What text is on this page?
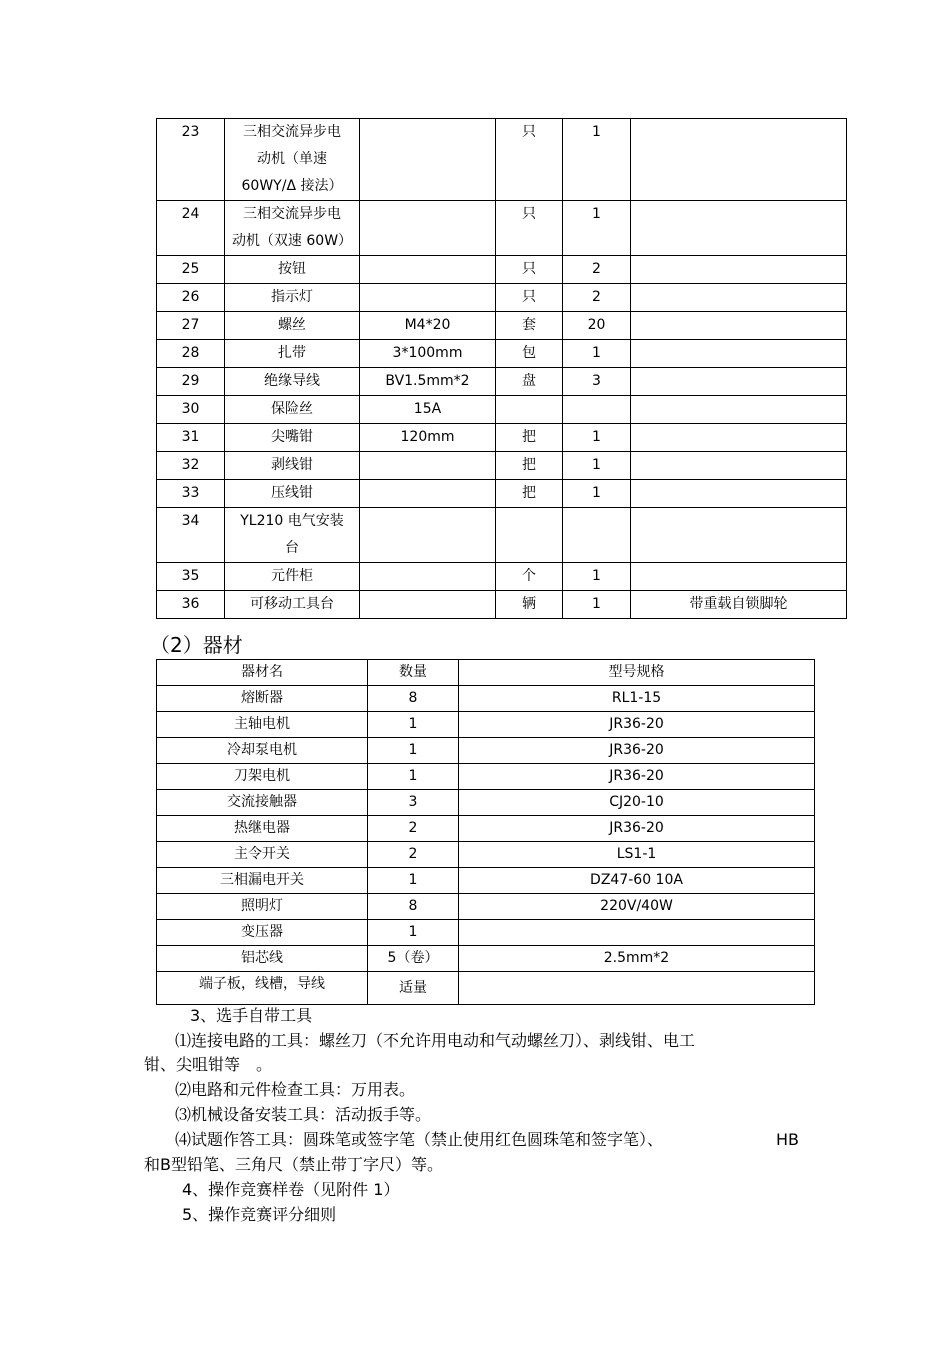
23	三相交流异步电
动机（单速
60WY/Δ 接法）		只	1	
24	三相交流异步电
动机（双速 60W）		只	1	
25	按钮		只	2	
26	指示灯		只	2	
27	螺丝	M4*20	套	20	
28	扎带	3*100mm	包	1	
29	绝缘导线	BV1.5mm*2	盘	3	
30	保险丝	15A			
31	尖嘴钳	120mm	把	1	
32	剥线钳		把	1	
33	压线钳		把	1	
34	YL210 电气安装
台				

35	元件柜		个	1	
36	可移动工具台		辆	1	带重载自锁脚轮
（2）器材
器材名	数量	型号规格
熔断器	8	RL1-15
主轴电机	1	JR36-20
冷却泵电机	1	JR36-20
刀架电机	1	JR36-20
交流接触器	3	CJ20-10
热继电器	2	JR36-20
主令开关	2	LS1-1
三相漏电开关	1	DZ47-60 10A
照明灯	8	220V/40W
变压器	1	
铝芯线	5（卷）	2.5mm*2
端子板，线槽，导线	适量	
3、选手自带工具
⑴连接电路的工具：螺丝刀（不允许用电动和气动螺丝刀）、剥线钳、电工
钳、尖咀钳等　。
⑵电路和元件检查工具：万用表。
⑶机械设备安装工具：活动扳手等。
⑷试题作答工具：圆珠笔或签字笔（禁止使用红色圆珠笔和签字笔）、	HB
和B型铅笔、三角尺（禁止带丁字尺）等。
4、操作竞赛样卷（见附件 1）
5、操作竞赛评分细则
